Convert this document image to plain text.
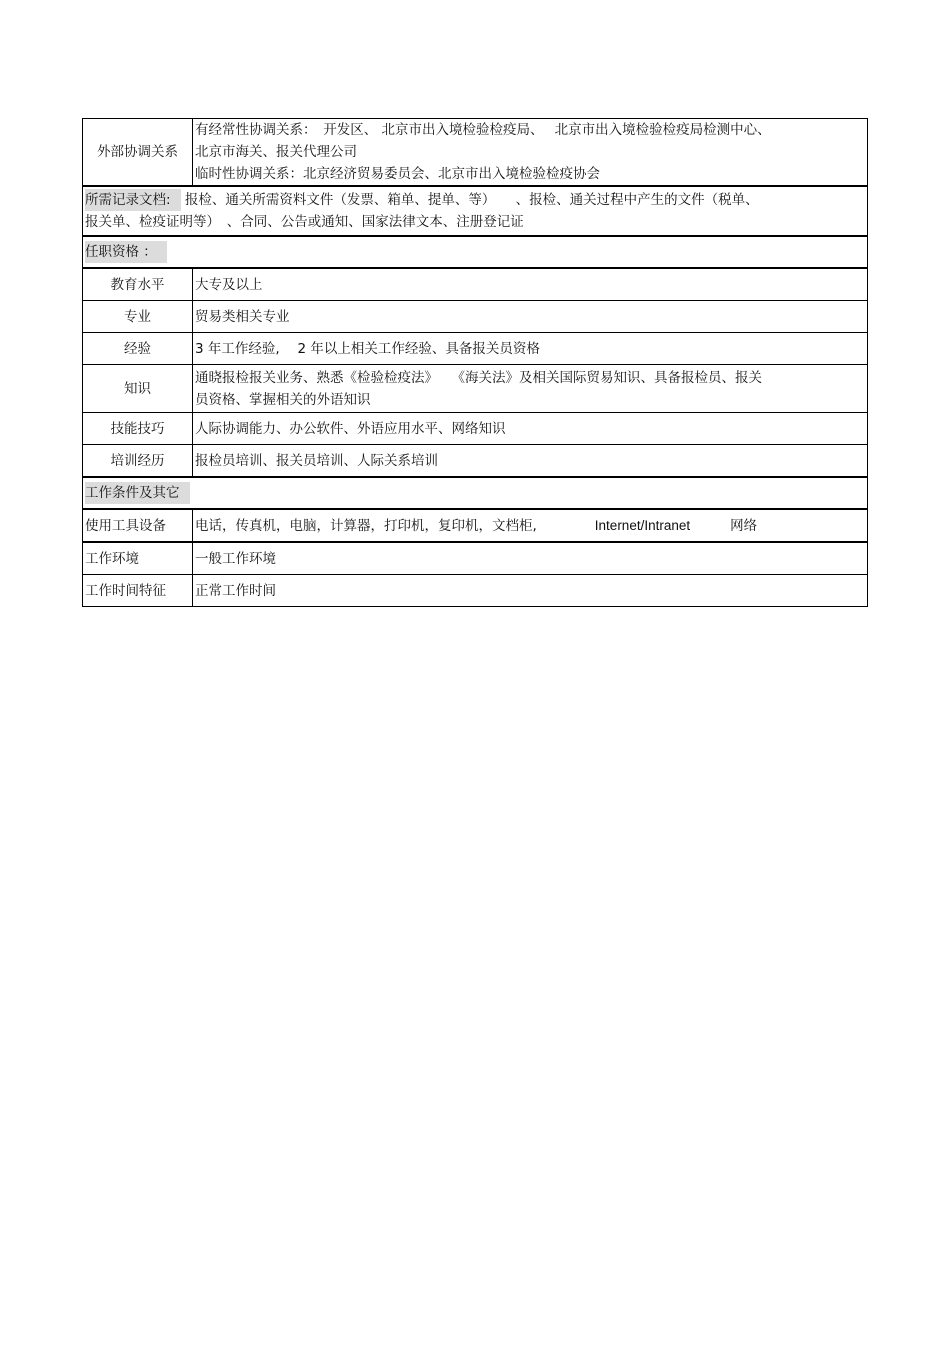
外部协调关系	有经常性协调关系：　开发区、 北京市出入境检验检疫局、　 北京市出入境检验检疫局检测中心、
北京市海关、报关代理公司
临时性协调关系：北京经济贸易委员会、北京市出入境检验检疫协会

所需记录文档: 报检、通关所需资料文件（发票、箱单、提单、等）　　、报检、通关过程中产生的文件（税单、
报关单、检疫证明等）　、合同、公告或通知、国家法律文本、注册登记证	

任职资格 ：	
教育水平	大专及以上
专业	贸易类相关专业
经验	3 年工作经验,　 2 年以上相关工作经验、具备报关员资格
知识	通晓报检报关业务、熟悉《检验检疫法》　　《海关法》及相关国际贸易知识、具备报检员、报关
员资格、掌握相关的外语知识

技能技巧	人际协调能力、办公软件、外语应用水平、网络知识
培训经历	报检员培训、报关员培训、人际关系培训
工作条件及其它	
使用工具设备	电话，传真机，电脑，计算器，打印机，复印机，文档柜, Internet/Intranet 网络
工作环境	一般工作环境
工作时间特征	正常工作时间
